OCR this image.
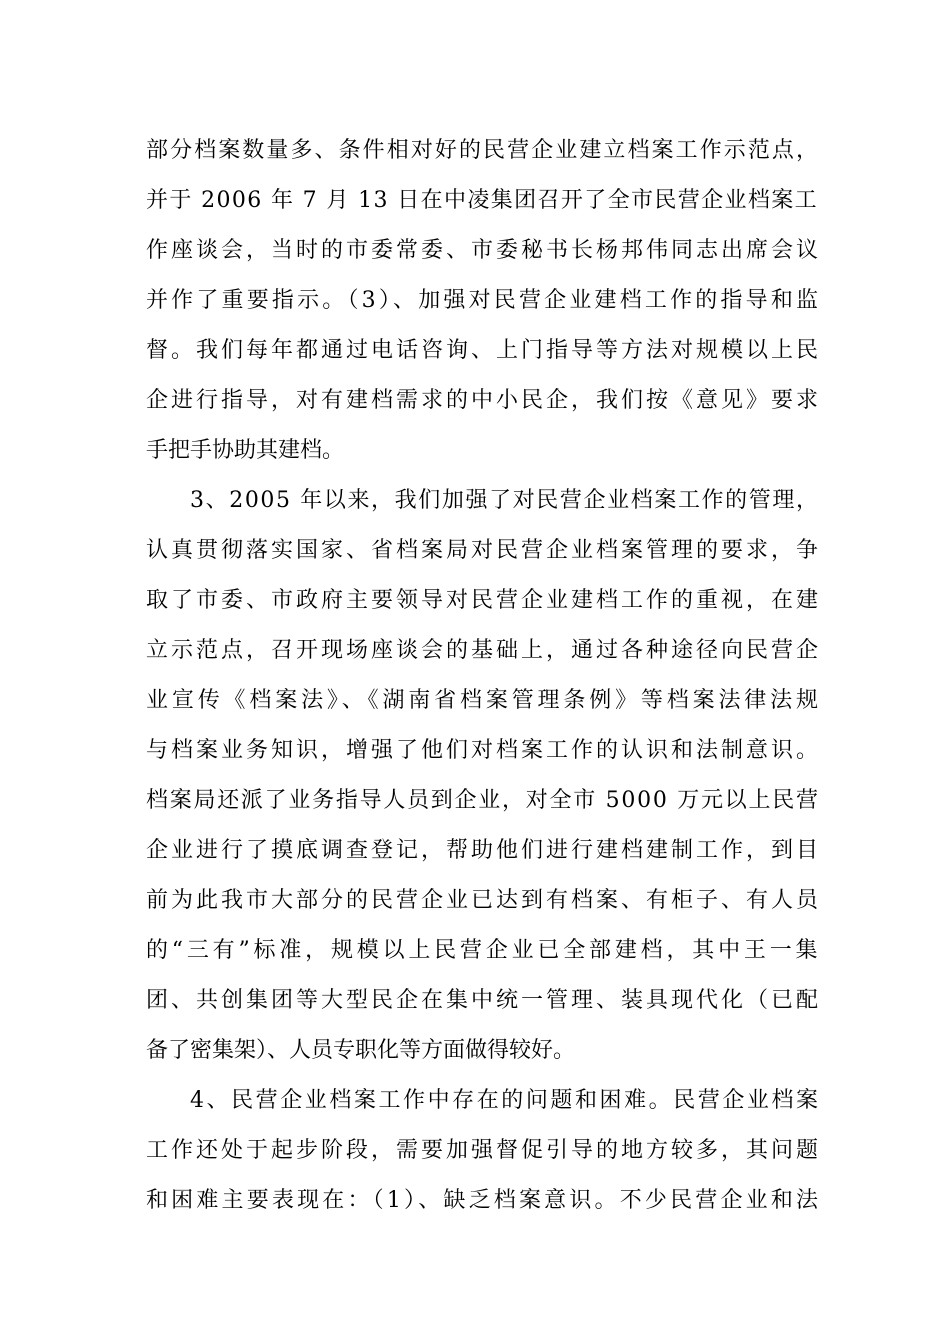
部分档案数量多、条件相对好的民营企业建立档案工作示范点，
并于 2006 年 7 月 13 日在中凌集团召开了全市民营企业档案工
作座谈会，当时的市委常委、市委秘书长杨邦伟同志出席会议
并作了重要指示。（3）、加强对民营企业建档工作的指导和监
督。我们每年都通过电话咨询、上门指导等方法对规模以上民
企进行指导，对有建档需求的中小民企，我们按《意见》要求
手把手协助其建档。
3、2005 年以来，我们加强了对民营企业档案工作的管理，
认真贯彻落实国家、省档案局对民营企业档案管理的要求，争
取了市委、市政府主要领导对民营企业建档工作的重视，在建
立示范点，召开现场座谈会的基础上，通过各种途径向民营企
业宣传《档案法》、《湖南省档案管理条例》等档案法律法规
与档案业务知识，增强了他们对档案工作的认识和法制意识。
档案局还派了业务指导人员到企业，对全市 5000 万元以上民营
企业进行了摸底调查登记，帮助他们进行建档建制工作，到目
前为此我市大部分的民营企业已达到有档案、有柜子、有人员
的“三有”标准，规模以上民营企业已全部建档，其中王一集
团、共创集团等大型民企在集中统一管理、装具现代化（已配
备了密集架）、人员专职化等方面做得较好。
4、民营企业档案工作中存在的问题和困难。民营企业档案
工作还处于起步阶段，需要加强督促引导的地方较多，其问题
和困难主要表现在：（1）、缺乏档案意识。不少民营企业和法
